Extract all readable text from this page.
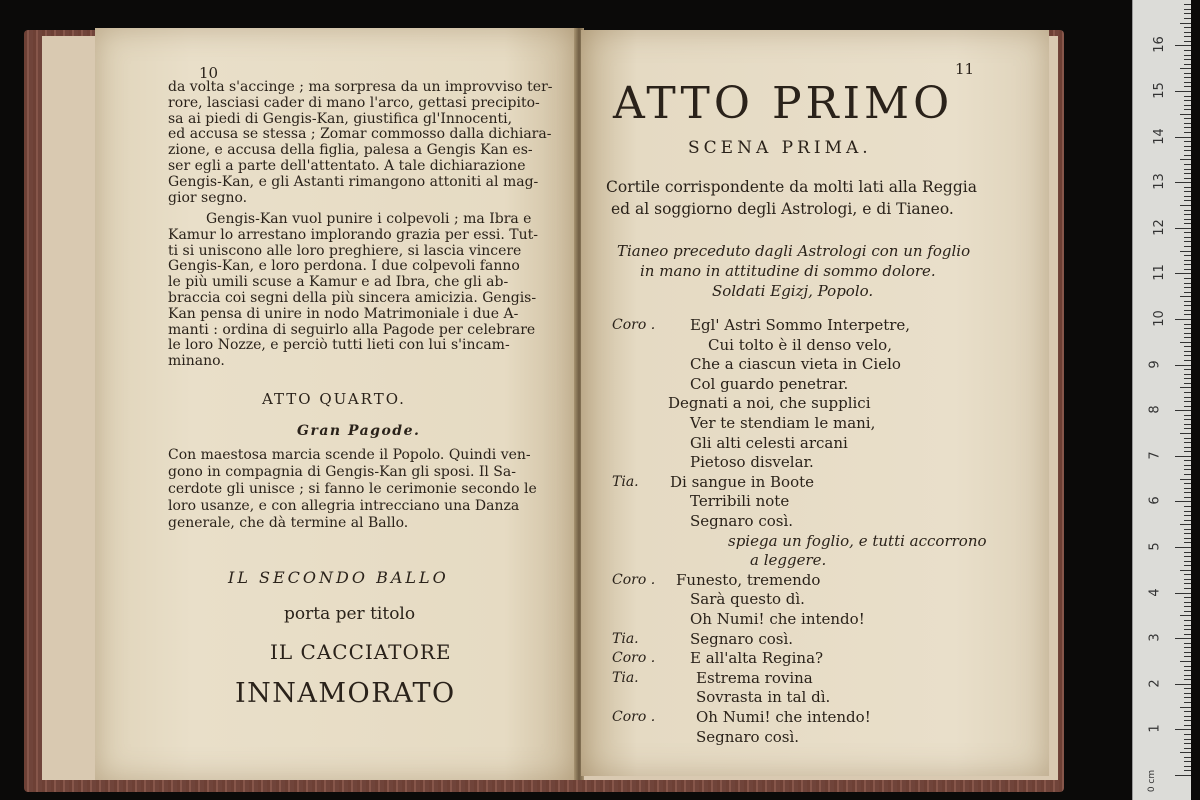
10
da volta s'accinge ; ma sorpresa da un improvviso ter-
rore, lasciasi cader di mano l'arco, gettasi precipito-
sa ai piedi di Gengis-Kan, giustifica gl'Innocenti,
ed accusa se stessa ; Zomar commosso dalla dichiara-
zione, e accusa della figlia, palesa a Gengis Kan es-
ser egli a parte dell'attentato. A tale dichiarazione
Gengis-Kan, e gli Astanti rimangono attoniti al mag-
gior segno.
Gengis-Kan vuol punire i colpevoli ; ma Ibra e
Kamur lo arrestano implorando grazia per essi. Tut-
ti si uniscono alle loro preghiere, si lascia vincere
Gengis-Kan, e loro perdona. I due colpevoli fanno
le più umili scuse a Kamur e ad Ibra, che gli ab-
braccia coi segni della più sincera amicizia. Gengis-
Kan pensa di unire in nodo Matrimoniale i due A-
manti : ordina di seguirlo alla Pagode per celebrare
le loro Nozze, e perciò tutti lieti con lui s'incam-
minano.
ATTO QUARTO.
Gran Pagode.
Con maestosa marcia scende il Popolo. Quindi ven-
gono in compagnia di Gengis-Kan gli sposi. Il Sa-
cerdote gli unisce ; si fanno le cerimonie secondo le
loro usanze, e con allegria intrecciano una Danza
generale, che dà termine al Ballo.
IL SECONDO BALLO
porta per titolo
IL CACCIATORE
INNAMORATO
11
ATTO PRIMO
SCENA PRIMA.
Cortile corrispondente da molti lati alla Reggia
ed al soggiorno degli Astrologi, e di Tianeo.
Tianeo preceduto dagli Astrologi con un foglio
in mano in attitudine di sommo dolore.
Soldati Egizj, Popolo.
Coro . Egl' Astri Sommo Interpetre,
Cui tolto è il denso velo,
Che a ciascun vieta in Cielo
Col guardo penetrar.
Degnati a noi, che supplici
Ver te stendiam le mani,
Gli alti celesti arcani
Pietoso disvelar.
Tia. Di sangue in Boote
Terribili note
Segnaro così.
spiega un foglio, e tutti accorrono
a leggere.
Coro . Funesto, tremendo
Sarà questo dì.
Oh Numi! che intendo!
Tia.	Segnaro così.
Coro . E all'alta Regina?
Tia.	Estrema rovina
Sovrasta in tal dì.
Coro .	Oh Numi! che intendo!
Segnaro così.
0 cm
16
15
14
13
12
11
10
9
8
7
6
5
4
3
2
1
